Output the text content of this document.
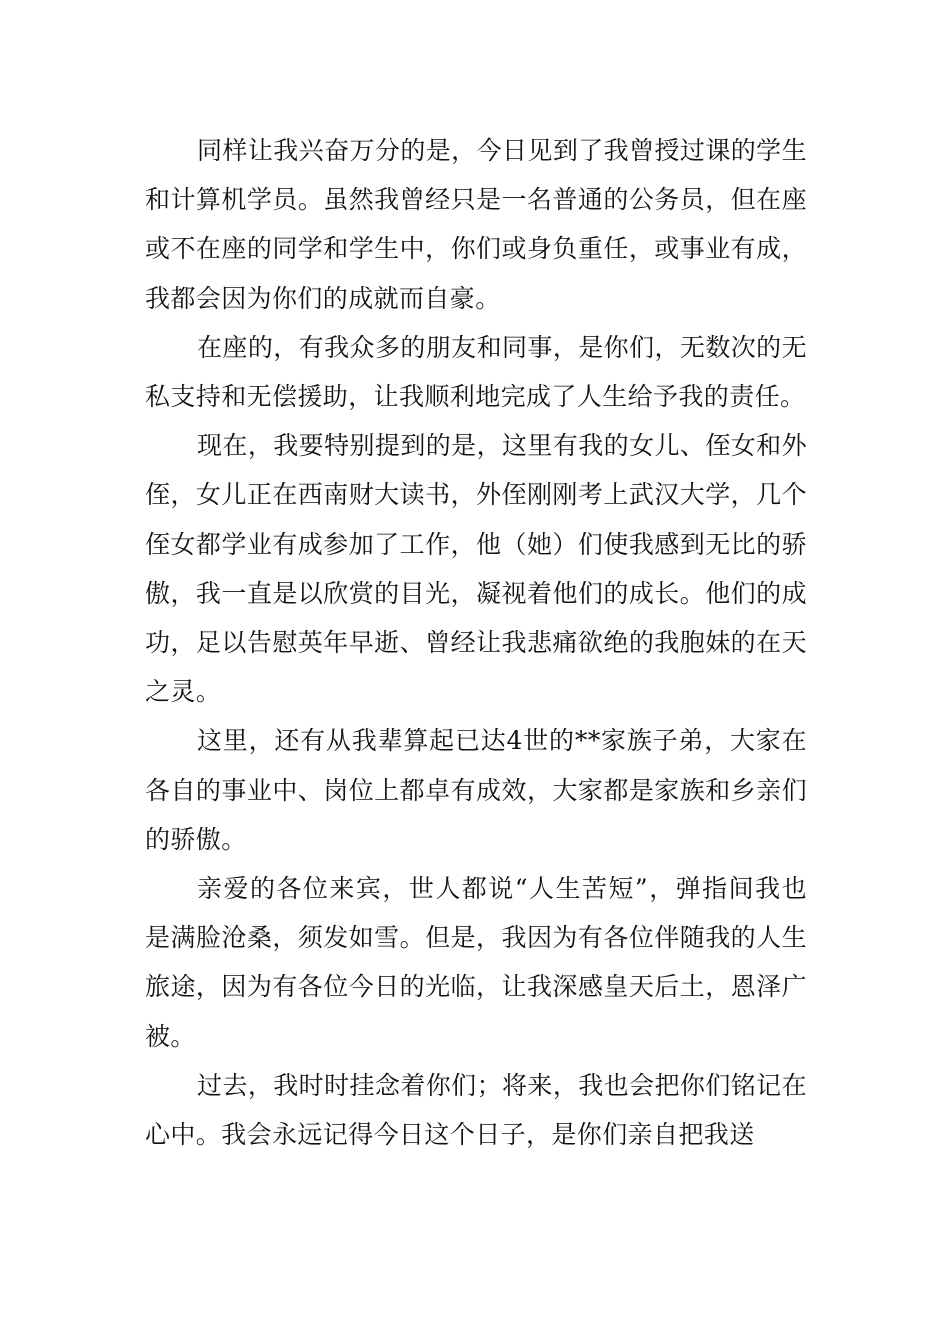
同样让我兴奋万分的是，今日见到了我曾授过课的学生和计算机学员。虽然我曾经只是一名普通的公务员，但在座或不在座的同学和学生中，你们或身负重任，或事业有成，我都会因为你们的成就而自豪。

在座的，有我众多的朋友和同事，是你们，无数次的无私支持和无偿援助，让我顺利地完成了人生给予我的责任。

现在，我要特别提到的是，这里有我的女儿、侄女和外侄，女儿正在西南财大读书，外侄刚刚考上武汉大学，几个侄女都学业有成参加了工作，他（她）们使我感到无比的骄傲，我一直是以欣赏的目光，凝视着他们的成长。他们的成功，足以告慰英年早逝、曾经让我悲痛欲绝的我胞妹的在天之灵。

这里，还有从我辈算起已达4世的**家族子弟，大家在各自的事业中、岗位上都卓有成效，大家都是家族和乡亲们的骄傲。

亲爱的各位来宾，世人都说“人生苦短”，弹指间我也是满脸沧桑，须发如雪。但是，我因为有各位伴随我的人生旅途，因为有各位今日的光临，让我深感皇天后土，恩泽广被。

过去，我时时挂念着你们；将来，我也会把你们铭记在心中。我会永远记得今日这个日子，是你们亲自把我送
